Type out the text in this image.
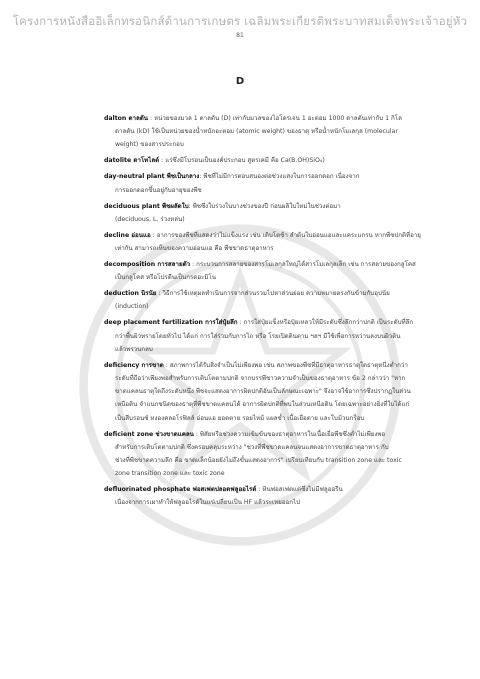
โครงการหนังสืออิเล็กทรอนิกส์ด้านการเกษตร เฉลิมพระเกียรติพระบาทสมเด็จพระเจ้าอยู่หัว
81
D
dalton ดาลตัน : หน่วยของมวล 1 ดาลตัน (D) เท่ากับมวลของไฮโดรเจน 1 อะตอม 1000 ดาลตันเท่ากับ 1 กิโล
ดาลตัน (kD) ใช้เป็นหน่วยของน้ำหนักอะตอม (atomic weight) ของธาตุ หรือน้ำหนักโมเลกุล (molecular
weight) ของสารประกอบ
datolite ดาโทไลต์ : แร่ซึ่งมีโบรอนเป็นองค์ประกอบ สูตรเคมี คือ Ca(B.OH)SiO₄)
day-neutral plant พืชเป็นกลาง: พืชที่ไม่มีการตอบสนองต่อช่วงแสงในการออกดอก เนื่องจาก
การออกดอกขึ้นอยู่กับอายุของพืช
deciduous plant พืชผลัดใบ: พืชซึ่งใบร่วงในบางช่วงของปี ก่อนผลิใบใหม่ในช่วงต่อมา
(deciduous, L. ร่วงหล่น)
decline อ่อนแอ : อาการของพืชที่แสดงว่าไม่แข็งแรง เช่น เติบโตช้า ลำต้นใบอ่อนแอและแคระแกรน หากพืชปกติที่อายุ
เท่ากัน สามารถเห็นของความอ่อนแอ คือ พืชขาดธาตุอาหาร
decomposition การสลายตัว : กระบวนการสลายของสารโมเลกุลใหญ่ได้สารโมเลกุลเล็ก เช่น การสลายของกลูโคส
เป็นกลูโคส หรือโปรตีนเป็นกรดอะมิโน
deduction นิรนัย : วิธีการใช้เหตุผลทำเนินการจากส่วนรวมไปหาส่วนย่อย ความหมายตรงกันข้ามกับอุปนัย
(induction)
deep placement fertilization การใส่ปุ๋ยลึก : การใส่ปุ๋ยแข็งหรือปุ๋ยเหลวให้มีระดับซึ่งลึกกว่าปกติ เป็นระดับที่ลึก
กว่าพื้นผิวทรายโดยทั่วไป ได้แก่ การใส่ร่วมกับการไถ หรือ โรยเปิดดินตาม ฯลฯ มีใช้เพื่อการหว่านลงบนผิวดิน
แล้วพรวนกลบ
deficiency การขาด : สภาพการได้รับสิ่งจำเป็นไม่เพียงพอ เช่น สภาพของพืชที่มีธาตุอาหารธาตุใดธาตุหนึ่งต่ำกว่า
ระดับที่ถือว่าเพียงพอสำหรับการเติบโตตามปกติ จากบรรพีชาวความจำเป็นของธาตุอาหาร ข้อ 2 กล่าวว่า "หาก
ขาดแคลนธาตุใดถึงระดับหนึ่ง พืชจะแสดงอาการผิดปกติอันเป็นลักษณะเฉพาะ" จึงอาจใช้อาการซึ่งปรากฏในส่วน
เหนือดิน จำแนกชนิดของธาตุที่พืชขาดแคลนได้ อาการผิดปกติที่พบในส่วนเหนือดิน โดยเฉพาะอย่างยิ่งที่ใบได้แก่
เป็นสีบรอนซ์ หงองคลอโรฟิลล์ อ่อนแอ ยอดตาย รอยไหม้ แผลช้ำ เนื้อเยื่อตาย และใบม้วนกร็อบ
deficient zone ช่วงขาดแคลน : พิสัยหรือช่วงความเข้มข้นของธาตุอาหารในเนื้อเยื่อพืชซึ่งต่ำไม่เพียงพอ
สำหรับการเติบโตตามปกติ ซึ่งครอบคลุมระหว่าง "ช่วงที่พืชขาดแคลนจนแสดงอาการขาดธาตุอาหาร กับ
ช่วงที่พืชขาดความลึก คือ ขาดแล็กน้อยยังไม่ถึงขั้นแสดงอาการ" เปรียบเทียบกับ transition zone และ toxic
zone transition zone และ toxic zone
defluorinated phosphate ฟอสเฟตปลอดฟลูออไรด์ : หินฟอสเฟตแต่ซึ่งไม่มีฟลูออรีน
เนื่องจากการเผาทำให้ฟลูออไรด์ในแร่เปลี่ยนเป็น HF แล้วระเหยออกไป
